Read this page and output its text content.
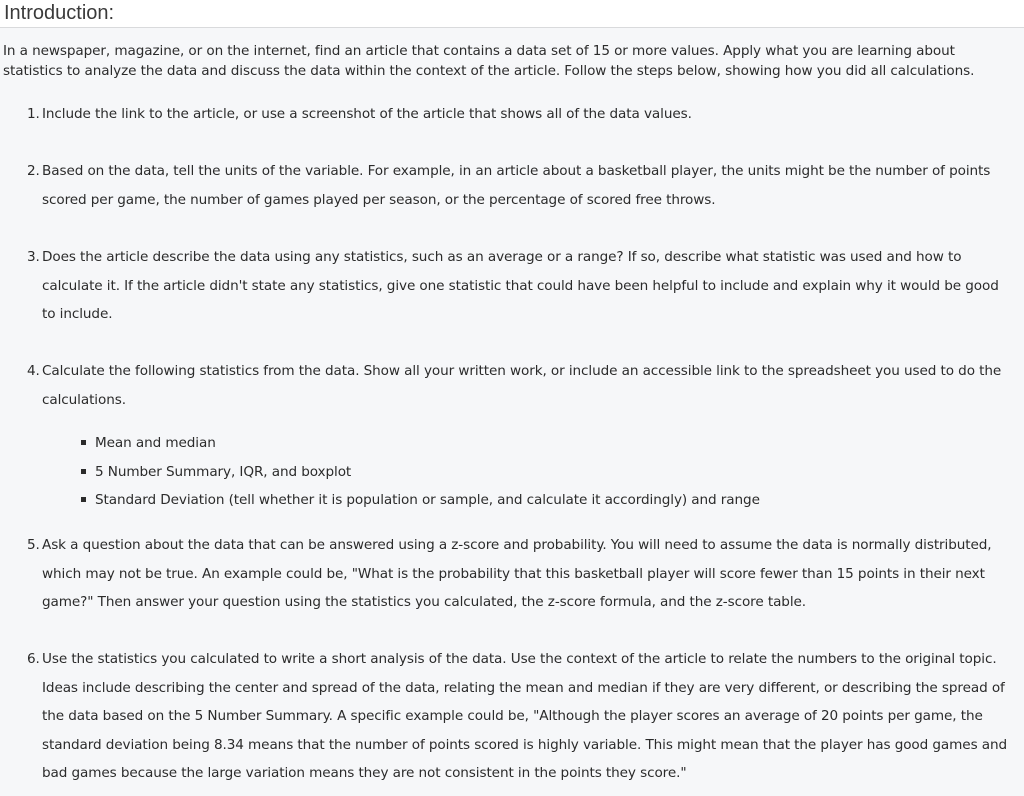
Introduction:

In a newspaper, magazine, or on the internet, find an article that contains a data set of 15 or more values. Apply what you are learning about statistics to analyze the data and discuss the data within the context of the article. Follow the steps below, showing how you did all calculations.

1. Include the link to the article, or use a screenshot of the article that shows all of the data values.
2. Based on the data, tell the units of the variable. For example, in an article about a basketball player, the units might be the number of points scored per game, the number of games played per season, or the percentage of scored free throws.
3. Does the article describe the data using any statistics, such as an average or a range? If so, describe what statistic was used and how to calculate it. If the article didn't state any statistics, give one statistic that could have been helpful to include and explain why it would be good to include.
4. Calculate the following statistics from the data. Show all your written work, or include an accessible link to the spreadsheet you used to do the calculations.
5. Ask a question about the data that can be answered using a z-score and probability. You will need to assume the data is normally distributed, which may not be true. An example could be, "What is the probability that this basketball player will score fewer than 15 points in their next game?" Then answer your question using the statistics you calculated, the z-score formula, and the z-score table.
6. Use the statistics you calculated to write a short analysis of the data. Use the context of the article to relate the numbers to the original topic. Ideas include describing the center and spread of the data, relating the mean and median if they are very different, or describing the spread of the data based on the 5 Number Summary. A specific example could be, "Although the player scores an average of 20 points per game, the standard deviation being 8.34 means that the number of points scored is highly variable. This might mean that the player has good games and bad games because the large variation means they are not consistent in the points they score."
Mean and median
5 Number Summary, IQR, and boxplot
Standard Deviation (tell whether it is population or sample, and calculate it accordingly) and range
